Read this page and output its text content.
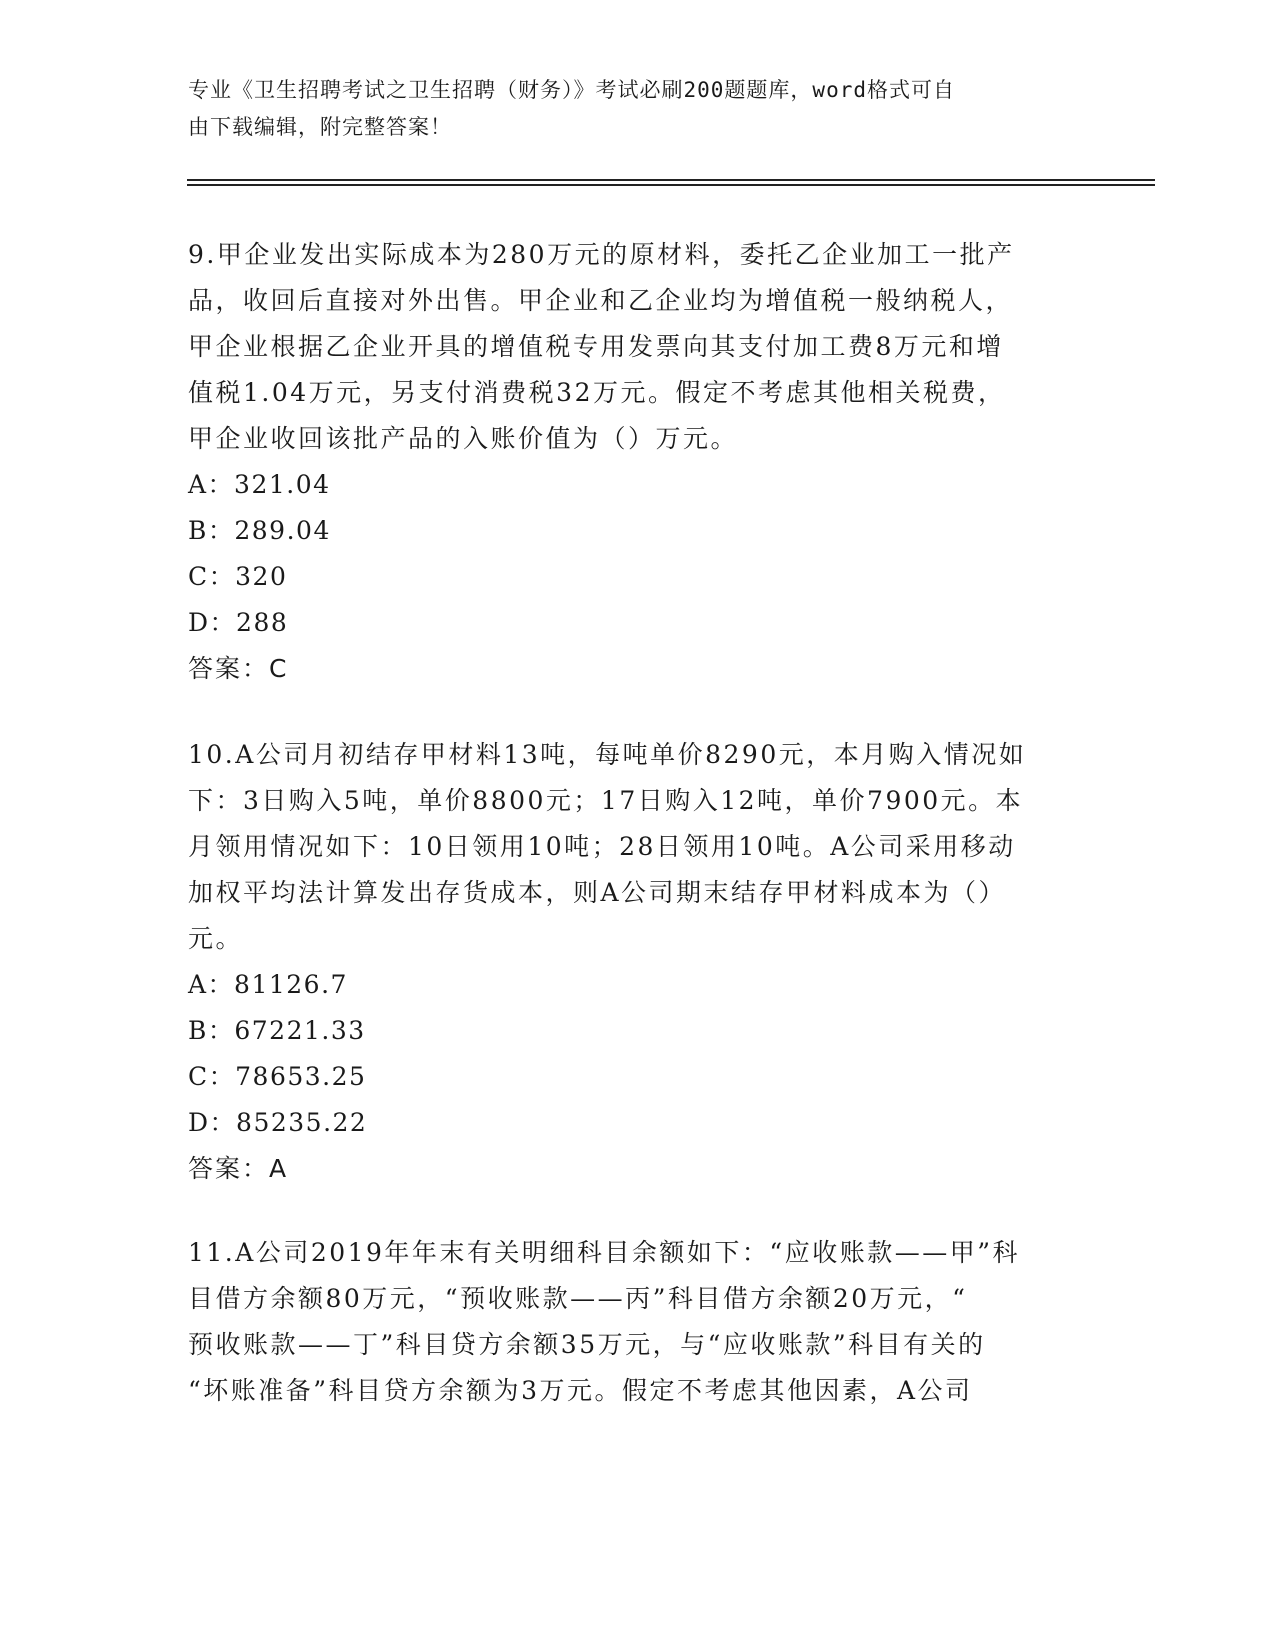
专业《卫生招聘考试之卫生招聘（财务）》考试必刷200题题库，word格式可自
由下载编辑，附完整答案！

9.甲企业发出实际成本为280万元的原材料，委托乙企业加工一批产

品，收回后直接对外出售。甲企业和乙企业均为增值税一般纳税人，

甲企业根据乙企业开具的增值税专用发票向其支付加工费8万元和增

值税1.04万元，另支付消费税32万元。假定不考虑其他相关税费，

甲企业收回该批产品的入账价值为（）万元。

A：321.04

B：289.04

C：320

D：288

答案：C

10.A公司月初结存甲材料13吨，每吨单价8290元，本月购入情况如

下：3日购入5吨，单价8800元；17日购入12吨，单价7900元。本

月领用情况如下：10日领用10吨；28日领用10吨。A公司采用移动

加权平均法计算发出存货成本，则A公司期末结存甲材料成本为（）

元。

A：81126.7

B：67221.33

C：78653.25

D：85235.22

答案：A

11.A公司2019年年末有关明细科目余额如下：“应收账款——甲”科

目借方余额80万元，“预收账款——丙”科目借方余额20万元，“

预收账款——丁”科目贷方余额35万元，与“应收账款”科目有关的

“坏账准备”科目贷方余额为3万元。假定不考虑其他因素，A公司
